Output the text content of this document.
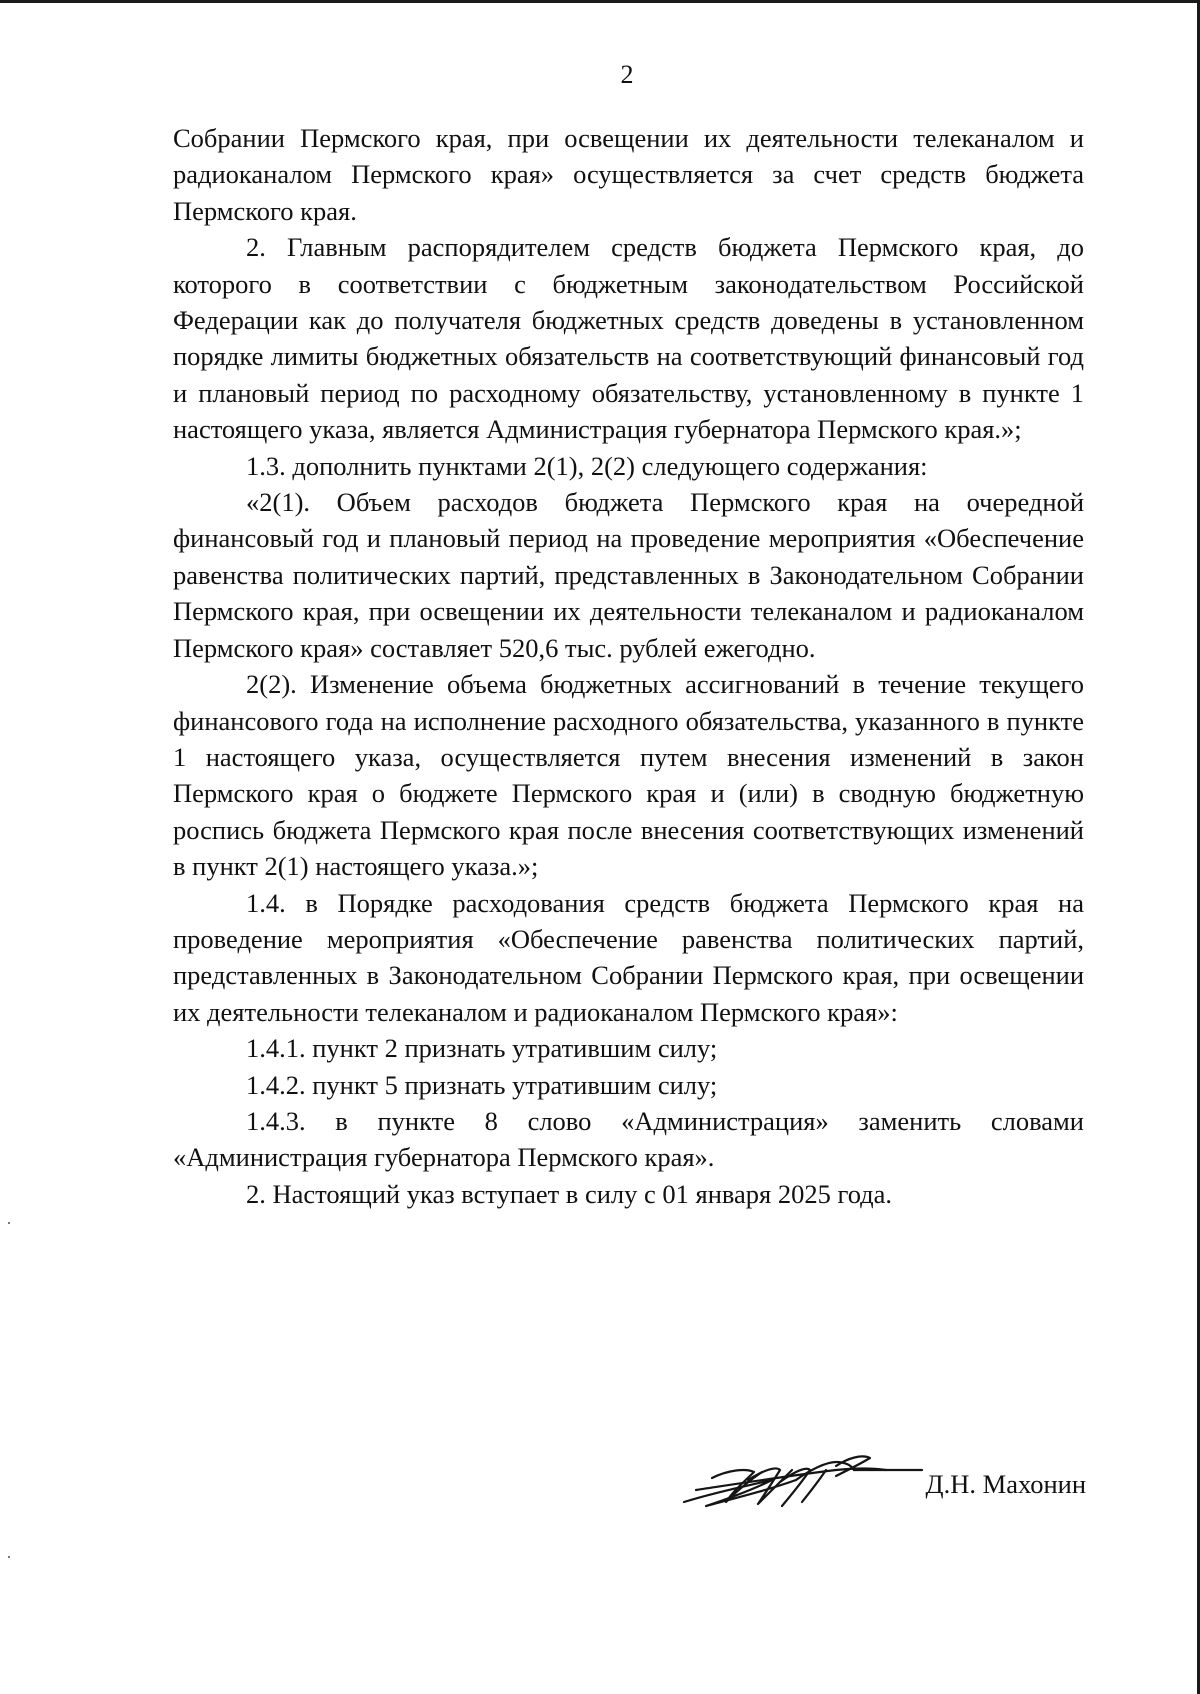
2

Собрании Пермского края, при освещении их деятельности телеканалом и радиоканалом Пермского края» осуществляется за счет средств бюджета Пермского края.

2. Главным распорядителем средств бюджета Пермского края, до которого в соответствии с бюджетным законодательством Российской Федерации как до получателя бюджетных средств доведены в установленном порядке лимиты бюджетных обязательств на соответствующий финансовый год и плановый период по расходному обязательству, установленному в пункте 1 настоящего указа, является Администрация губернатора Пермского края.»;

1.3. дополнить пунктами 2(1), 2(2) следующего содержания:

«2(1). Объем расходов бюджета Пермского края на очередной финансовый год и плановый период на проведение мероприятия «Обеспечение равенства политических партий, представленных в Законодательном Собрании Пермского края, при освещении их деятельности телеканалом и радиоканалом Пермского края» составляет 520,6 тыс. рублей ежегодно.

2(2). Изменение объема бюджетных ассигнований в течение текущего финансового года на исполнение расходного обязательства, указанного в пункте 1 настоящего указа, осуществляется путем внесения изменений в закон Пермского края о бюджете Пермского края и (или) в сводную бюджетную роспись бюджета Пермского края после внесения соответствующих изменений в пункт 2(1) настоящего указа.»;

1.4. в Порядке расходования средств бюджета Пермского края на проведение мероприятия «Обеспечение равенства политических партий, представленных в Законодательном Собрании Пермского края, при освещении их деятельности телеканалом и радиоканалом Пермского края»:

1.4.1. пункт 2 признать утратившим силу;

1.4.2. пункт 5 признать утратившим силу;

1.4.3. в пункте 8 слово «Администрация» заменить словами «Администрация губернатора Пермского края».

2. Настоящий указ вступает в силу с 01 января 2025 года.

Д.Н. Махонин
